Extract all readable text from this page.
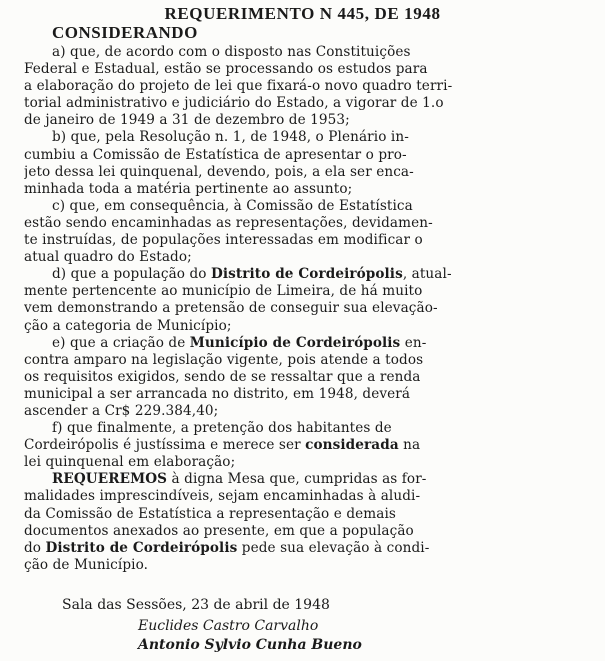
REQUERIMENTO N 445, DE 1948
CONSIDERANDO
a) que, de acordo com o disposto nas Constituições
Federal e Estadual, estão se processando os estudos para
a elaboração do projeto de lei que fixará-o novo quadro terri-
torial administrativo e judiciário do Estado, a vigorar de 1.o
de janeiro de 1949 a 31 de dezembro de 1953;
b) que, pela Resolução n. 1, de 1948, o Plenário in-
cumbiu a Comissão de Estatística de apresentar o pro-
jeto dessa lei quinquenal, devendo, pois, a ela ser enca-
minhada toda a matéria pertinente ao assunto;
c) que, em consequência, à Comissão de Estatística
estão sendo encaminhadas as representações, devidamen-
te instruídas, de populações interessadas em modificar o
atual quadro do Estado;
d) que a população do Distrito de Cordeirópolis, atual-
mente pertencente ao município de Limeira, de há muito
vem demonstrando a pretensão de conseguir sua elevação-
ção a categoria de Município;
e) que a criação de Município de Cordeirópolis en-
contra amparo na legislação vigente, pois atende a todos
os requisitos exigidos, sendo de se ressaltar que a renda
municipal a ser arrancada no distrito, em 1948, deverá
ascender a Cr$ 229.384,40;
f) que finalmente, a pretenção dos habitantes de
Cordeirópolis é justíssima e merece ser considerada na
lei quinquenal em elaboração;
REQUEREMOS à digna Mesa que, cumpridas as for-
malidades imprescindíveis, sejam encaminhadas à aludi-
da Comissão de Estatística a representação e demais
documentos anexados ao presente, em que a população
do Distrito de Cordeirópolis pede sua elevação à condi-
ção de Município.
Sala das Sessões, 23 de abril de 1948
Euclides Castro Carvalho
Antonio Sylvio Cunha Bueno
